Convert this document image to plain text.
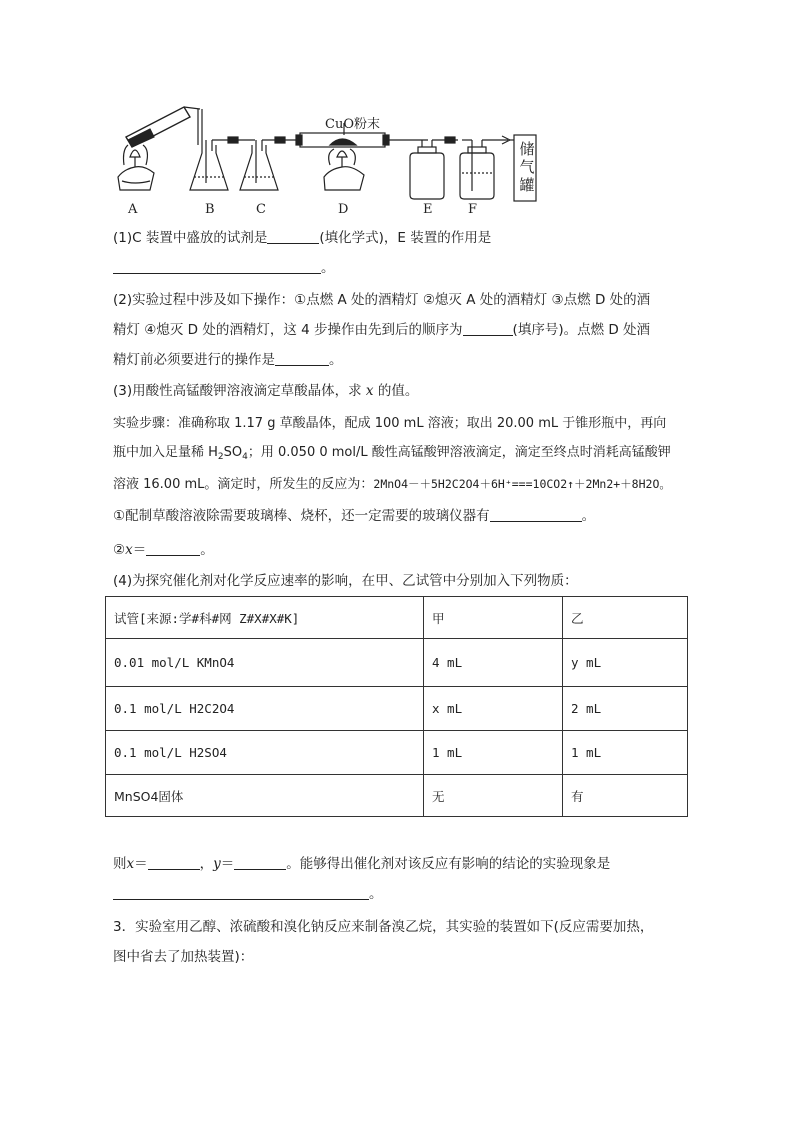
CuO粉末
A	B	C	D	E	F
储
气
罐
(1)C 装置中盛放的试剂是	(填化学式)，E 装置的作用是
。
(2)实验过程中涉及如下操作：①点燃 A 处的酒精灯 ②熄灭 A 处的酒精灯 ③点燃 D 处的酒
精灯 ④熄灭 D 处的酒精灯，这 4 步操作由先到后的顺序为	(填序号)。点燃 D 处酒
精灯前必须要进行的操作是	。
(3)用酸性高锰酸钾溶液滴定草酸晶体，求 x 的值。
实验步骤：准确称取 1.17 g 草酸晶体，配成 100 mL 溶液；取出 20.00 mL 于锥形瓶中，再向
瓶中加入足量稀 $H_2SO_4$；用 0.050 0 mol/L 酸性高锰酸钾溶液滴定，滴定至终点时消耗高锰酸钾
溶液 16.00 mL。滴定时，所发生的反应为：2MnO4－＋5H2C2O4＋6H⁺===10CO2↑＋2Mn2+＋8H2O。
①配制草酸溶液除需要玻璃棒、烧杯，还一定需要的玻璃仪器有	。
②x＝	。
(4)为探究催化剂对化学反应速率的影响，在甲、乙试管中分别加入下列物质：
试管[来源:学#科#网 Z#X#X#K]	甲	乙
0.01 mol/L KMnO4	4 mL	y mL
0.1 mol/L H2C2O4	x mL	2 mL
0.1 mol/L H2SO4	1 mL	1 mL
MnSO4固体	无	有
则x＝	，y＝	。能够得出催化剂对该反应有影响的结论的实验现象是
。
3．实验室用乙醇、浓硫酸和溴化钠反应来制备溴乙烷，其实验的装置如下(反应需要加热，
图中省去了加热装置)：
